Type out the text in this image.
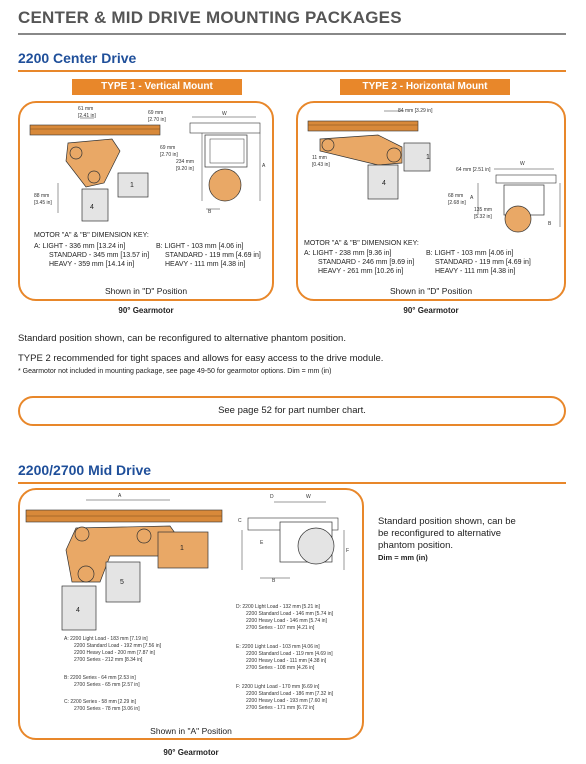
CENTER & MID DRIVE MOUNTING PACKAGES
2200 Center Drive
TYPE 1 - Vertical Mount
61 mm
[2.41 in]	69 mm
[2.70 in]
69 mm
[2.70 in]
234 mm
[9.20 in]
88 mm
[3.45 in]
W
B
A
1
4
MOTOR "A" & "B" DIMENSION KEY:
A: LIGHT - 336 mm [13.24 in]
STANDARD - 345 mm [13.57 in]
HEAVY - 359 mm [14.14 in]
B: LIGHT - 103 mm [4.06 in]
STANDARD - 119 mm [4.69 in]
HEAVY - 111 mm [4.38 in]
Shown in "D" Position
90° Gearmotor
TYPE 2 - Horizontal Mount
84 mm [3.29 in]
11 mm
[0.43 in]
64 mm [2.51 in]
68 mm
[2.68 in]
135 mm
[5.32 in]
W
A
B
1
4
MOTOR "A" & "B" DIMENSION KEY:
A: LIGHT - 238 mm [9.36 in]
STANDARD - 246 mm [9.69 in]
HEAVY - 261 mm [10.26 in]
B: LIGHT - 103 mm [4.06 in]
STANDARD - 119 mm [4.69 in]
HEAVY - 111 mm [4.38 in]
Shown in "D" Position
90° Gearmotor
Standard position shown, can be reconfigured to alternative phantom position.
TYPE 2 recommended for tight spaces and allows for easy access to the drive module.
* Gearmotor not included in mounting package, see page 49-50 for gearmotor options. Dim = mm (in)
See page 52 for part number chart.
2200/2700 Mid Drive
A
C
D	W
E
B
F
1
5
4
A: 2200 Light Load - 183 mm [7.19 in]
2200 Standard Load - 192 mm [7.56 in]
2200 Heavy Load - 200 mm [7.87 in]
2700 Series - 212 mm [8.34 in]
B: 2200 Series - 64 mm [2.53 in]
2700 Series - 65 mm [2.57 in]
C: 2200 Series - 58 mm [2.29 in]
2700 Series - 78 mm [3.06 in]
D: 2200 Light Load - 132 mm [5.21 in]
2200 Standard Load - 146 mm [5.74 in]
2200 Heavy Load - 146 mm [5.74 in]
2700 Series - 107 mm [4.21 in]
E: 2200 Light Load - 103 mm [4.06 in]
2200 Standard Load - 119 mm [4.69 in]
2200 Heavy Load - 111 mm [4.38 in]
2700 Series - 108 mm [4.26 in]
F: 2200 Light Load - 170 mm [6.69 in]
2200 Standard Load - 186 mm [7.32 in]
2200 Heavy Load - 193 mm [7.60 in]
2700 Series - 171 mm [6.72 in]
Shown in "A" Position
90° Gearmotor
Standard position shown, can be
be reconfigured to alternative
phantom position.
Dim = mm (in)
